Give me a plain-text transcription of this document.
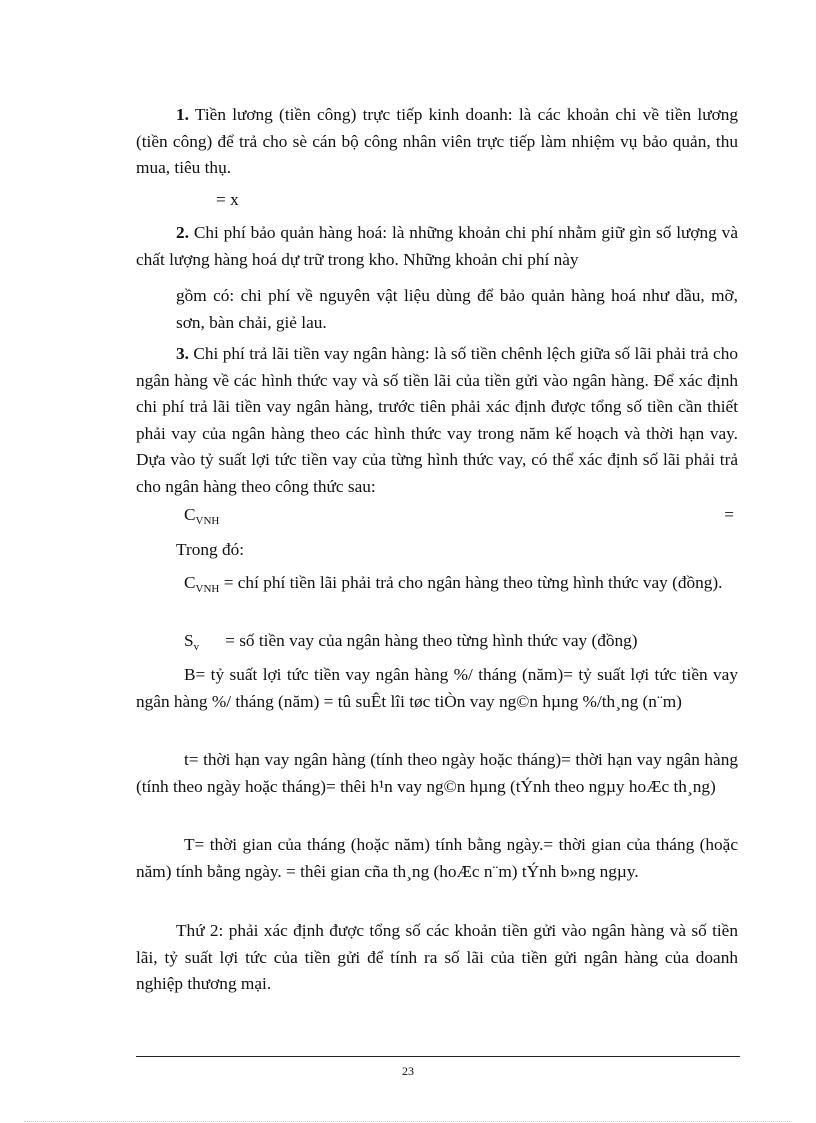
1. Tiền lương (tiền công) trực tiếp kinh doanh: là các khoản chi về tiền lương (tiền công) để trả cho sè cán bộ công nhân viên trực tiếp làm nhiệm vụ bảo quản, thu mua, tiêu thụ.

= x

2. Chi phí bảo quản hàng hoá: là những khoản chi phí nhằm giữ gìn số lượng và chất lượng hàng hoá dự trữ trong kho. Những khoản chi phí này

gồm có: chi phí về nguyên vật liệu dùng để bảo quản hàng hoá như dầu, mỡ, sơn, bàn chải, giẻ lau.

3. Chi phí trả lãi tiền vay ngân hàng: là số tiền chênh lệch giữa số lãi phải trả cho ngân hàng về các hình thức vay và số tiền lãi của tiền gửi vào ngân hàng. Để xác định chi phí trả lãi tiền vay ngân hàng, trước tiên phải xác định được tổng số tiền cần thiết phải vay của ngân hàng theo các hình thức vay trong năm kế hoạch và thời hạn vay. Dựa vào tỷ suất lợi tức tiền vay của từng hình thức vay, có thể xác định số lãi phải trả cho ngân hàng theo công thức sau:

$C_{VNH}$	=

Trong đó:

$C_{VNH}$ = chí phí tiền lãi phải trả cho ngân hàng theo từng hình thức vay (đồng).

$S_v$ = số tiền vay của ngân hàng theo từng hình thức vay (đồng)

B= tỷ suất lợi tức tiền vay ngân hàng %/ tháng (năm)= tỷ suất lợi tức tiền vay ngân hàng %/ tháng (năm) = tû suÊt lîi tøc tiÒn vay ng©n hµng %/th¸ng (n¨m)

t= thời hạn vay ngân hàng (tính theo ngày hoặc tháng)= thời hạn vay ngân hàng (tính theo ngày hoặc tháng)= thêi h¹n vay ng©n hµng (tÝnh theo ngµy hoÆc th¸ng)

T= thời gian của tháng (hoặc năm) tính bằng ngày.= thời gian của tháng (hoặc năm) tính bằng ngày. = thêi gian cña th¸ng (hoÆc n¨m) tÝnh b»ng ngµy.

Thứ 2: phải xác định được tổng số các khoản tiền gửi vào ngân hàng và số tiền lãi, tỷ suất lợi tức của tiền gửi để tính ra số lãi của tiền gửi ngân hàng của doanh nghiệp thương mại.

23
